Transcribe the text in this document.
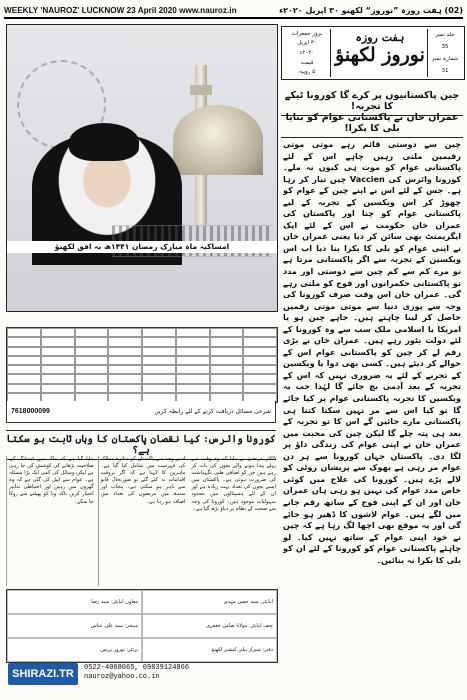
WEEKLY 'NAUROZ' LUCKNOW 23 April 2020 www.nauroz.in	(02) ہفت روزہ ”نوروز“ لکھنو ۳۰ اپریل ۲۰۲۰ء
امساکیہ ماہ مبارک رمضان ۱۴۴۱ھ بہ افق لکھنؤ
7618000099	شرعی مسائل دریافت کرنے کے لئے رابطہ کریں
جلد نمبر
35
شمارہ نمبر
31
ہفت روزہ
نوروز لکھنؤ
بروز جمعرات
۳۰ اپریل
۲۰۲۰ء
قیمت
۵ روپیہ
چین پاکستانیوں پر کرے گا کورونا ٹیکے کا تجربہ!
عمران خان نے پاکستانی عوام کو بنایا بلی کا بکرا!
چین سے دوستی قائم رہے موتی موتی رقیمین ملتی رہیں چاہے اس کے لئے پاکستانی عوام کو موت ہی کیوں نہ ملے۔ کورونا وائرس کی Vaccien چین تیار کر رہا ہے۔ جس کے لئے اس نے اپنے چین کے عوام کو چھوڑ کر اس ویکسین کے تجربہ کے لیے پاکستانی عوام کو چنا اور پاکستان کی عمران خان حکومت نے اس کے لئے ایک ایگریمنٹ بھی سائن کر دیا یعنی عمران خان نے اپنی عوام کو بلی کا بکرا بنا دیا اب اس ویکسین کے تجربہ سے اگر پاکستانی مرتا ہے تو مرے کم سے کم چین سے دوستی اور مدد تو پاکستانی حکمرانوں اور فوج کو ملتی رہے گی۔ عمران خان اس وقت صرف کورونا کی وجہ سے پوری دنیا سے موتی موتی رقمیں حاصل کر لینا چاہتے ہیں۔ جاہے چین ہو یا امریکا یا اسلامی ملک سب سے وہ کورونا کے لئے دولت بٹور رہے ہیں۔ عمران خان نے بڑی رقم لے کر چین کو پاکستانی عوام اس کے حوالے کر دیئے ہیں۔ کسی بھی دوا یا ویکسین کے تجربے کے لئے یہ ضروری نہیں کہ اس کے تجربہ کے بعد آدمی بچ جائے گا لہٰذا جب یہ ویکسین کا تجربہ پاکستانی عوام پر کیا جائے گا تو کیا اس سے مر نہیں سکتا کتنا ہی پاکستانی مارے جائیں گے اس کا تو تجربہ کے بعد ہی پتہ چلے گا لیکن چین کی محبت میں عمران خان نے اپنی عوام کی زندگی داؤ پر لگا دی۔ پاکستان جہاں کورونا سے ہر دن عوام مر رہی ہے بھوک سے پریشان روٹی کو لالے پڑے ہیں۔ کورونا کی علاج میں کوئی خاص مدد عوام کی نہیں ہو رہی ہاں عمران خان اور ان کے اپنی فوج کے ساتھ رقم جانے میں لگے ہیں۔ عوام لاشوں کا ڈھیر ہو جائے گی اور یہ موقع بھی اچھا لگ رہا ہے کہ چین نے خود اپنی عوام کے ساتھ نہیں کیا۔ لو چاہئے پاکستانی عوام کو کورونا کے لئے ان کو بلی کا بکرا نہ بنائیں۔
کورونا وائرس: کیا نقصان پاکستان کا وہاں ثابت ہو سکتا ہے؟
بتایا گیا ہے کہ ملک میں ٹیسٹنگ کی صلاحیت بڑھانے کی کوشش کی جا رہی ہے لیکن وسائل کی کمی ایک بڑا مسئلہ ہے۔ عوام سے اپیل کی گئی ہے کہ وہ گھروں میں رہیں اور احتیاطی تدابیر اختیار کریں تاکہ وبا کو پھیلنے سے روکا جا سکے۔
اسی وجہ سے پاکستان کو متاثرہ ممالک کی فہرست میں شامل کیا گیا ہے۔ ماہرین کا کہنا ہے کہ اگر بروقت اقدامات نہ کئے گئے تو صورتحال قابو سے باہر ہو سکتی ہے۔ پنجاب اور سندھ میں مریضوں کی تعداد میں اضافہ ہو رہا ہے۔
ڈاکٹر مرتضیٰ نے بتایا کہ وہ وقت سے پہلے پیدا ہونے والے بچوں کی بات کر رہے ہیں جن کو اضافی طبی نگہداشت کی ضرورت ہوتی ہے۔ پاکستان میں ایسے بچوں کی تعداد بہت زیادہ ہے اور ان کے لئے ہسپتالوں میں محدود سہولیات موجود ہیں۔ کورونا کی وجہ سے صحت کے نظام پر دباؤ بڑھ گیا ہے۔
ایڈیٹر: سید حسن مہدی
معاون ایڈیٹر: سید رضا
چیف ایڈیٹر: مولانا ضامن جعفری
منیجر: سید علی عباس
دفتر: شیراز پبلی کیشنز لکھنؤ
پرنٹر: نوروز پریس
SHIRAZI.TR	0522-4068065, 09839124866
nauroz@yahoo.co.in
